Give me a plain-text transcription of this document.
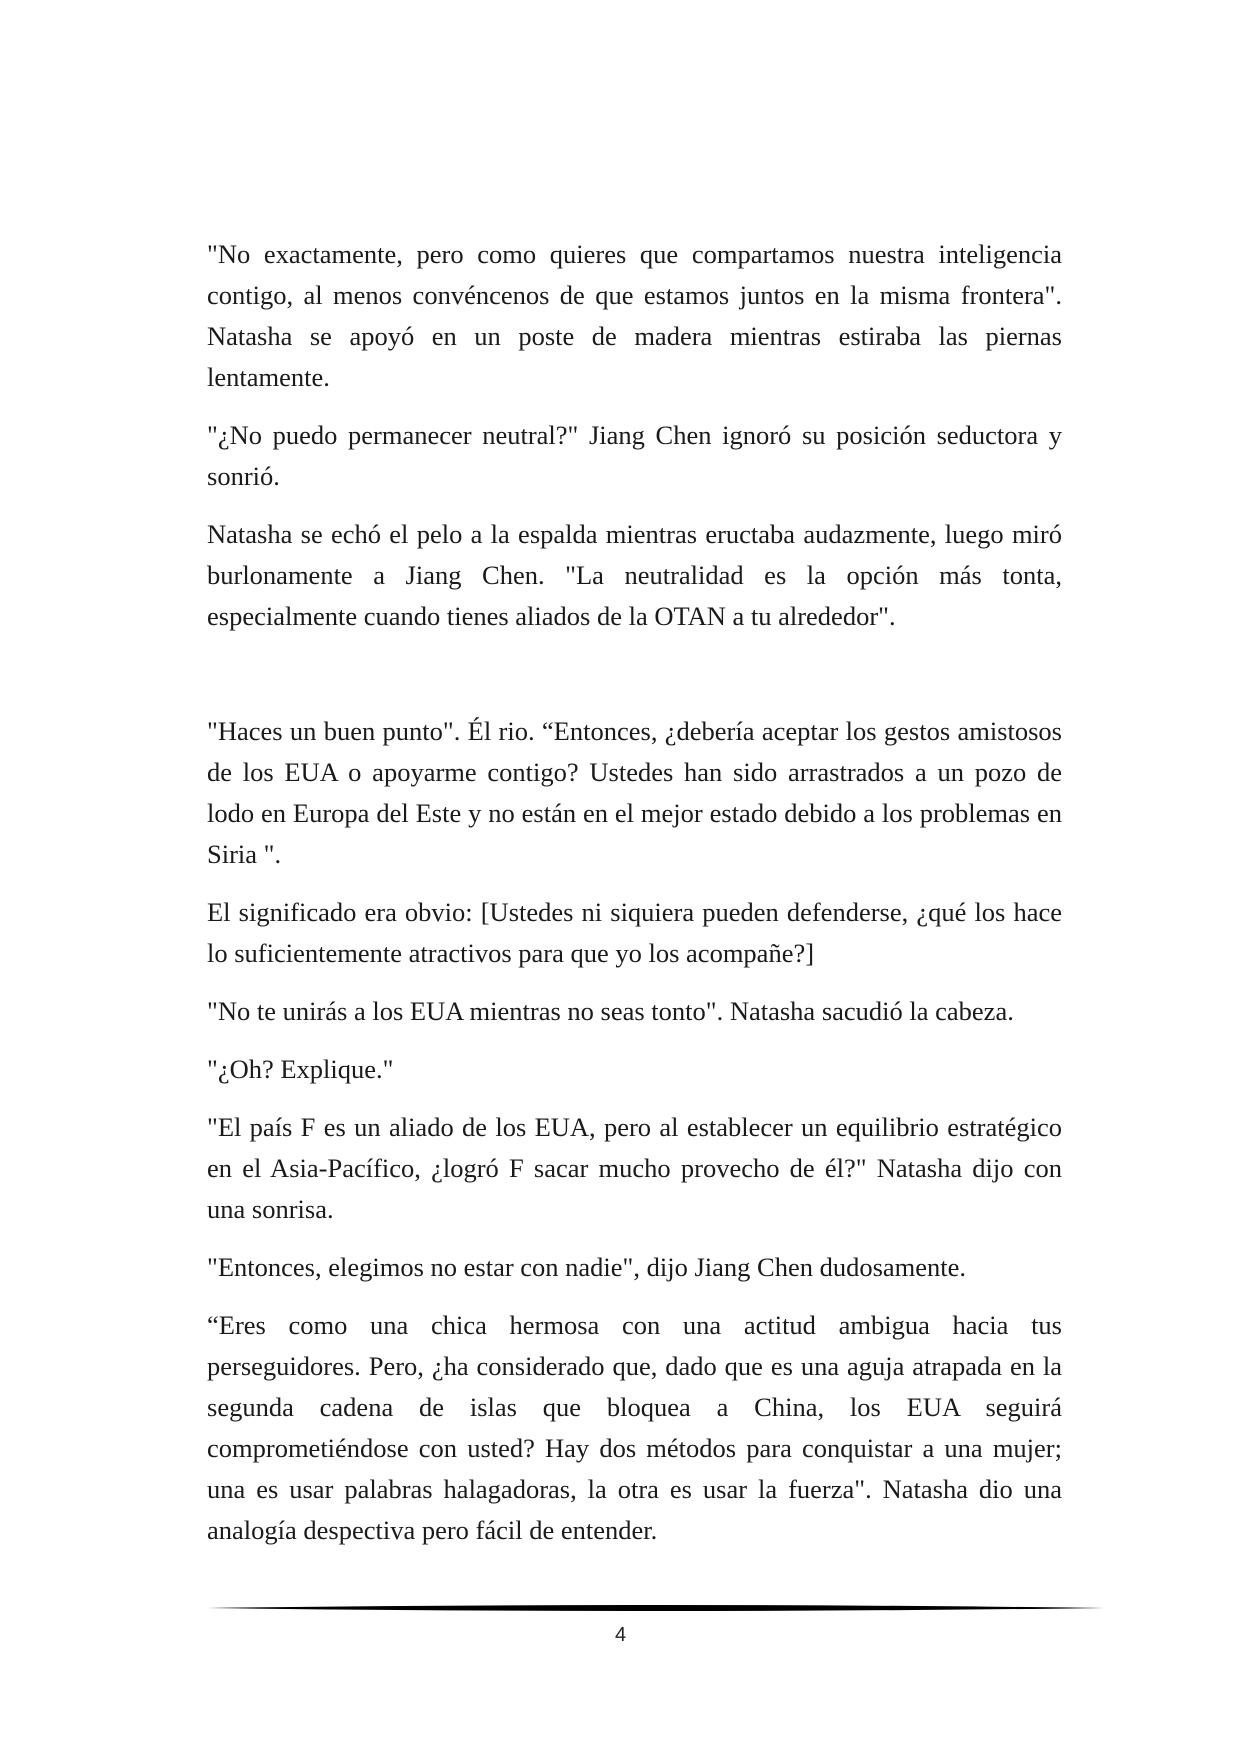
"No exactamente, pero como quieres que compartamos nuestra inteligencia contigo, al menos convéncenos de que estamos juntos en la misma frontera". Natasha se apoyó en un poste de madera mientras estiraba las piernas lentamente.

"¿No puedo permanecer neutral?" Jiang Chen ignoró su posición seductora y sonrió.

Natasha se echó el pelo a la espalda mientras eructaba audazmente, luego miró burlonamente a Jiang Chen. "La neutralidad es la opción más tonta, especialmente cuando tienes aliados de la OTAN a tu alrededor".

"Haces un buen punto". Él rio. “Entonces, ¿debería aceptar los gestos amistosos de los EUA o apoyarme contigo? Ustedes han sido arrastrados a un pozo de lodo en Europa del Este y no están en el mejor estado debido a los problemas en Siria ".

El significado era obvio: [Ustedes ni siquiera pueden defenderse, ¿qué los hace lo suficientemente atractivos para que yo los acompañe?]

"No te unirás a los EUA mientras no seas tonto". Natasha sacudió la cabeza.

"¿Oh? Explique."

"El país F es un aliado de los EUA, pero al establecer un equilibrio estratégico en el Asia-Pacífico, ¿logró F sacar mucho provecho de él?" Natasha dijo con una sonrisa.

"Entonces, elegimos no estar con nadie", dijo Jiang Chen dudosamente.

“Eres como una chica hermosa con una actitud ambigua hacia tus perseguidores. Pero, ¿ha considerado que, dado que es una aguja atrapada en la segunda cadena de islas que bloquea a China, los EUA seguirá comprometiéndose con usted? Hay dos métodos para conquistar a una mujer; una es usar palabras halagadoras, la otra es usar la fuerza". Natasha dio una analogía despectiva pero fácil de entender.

4
